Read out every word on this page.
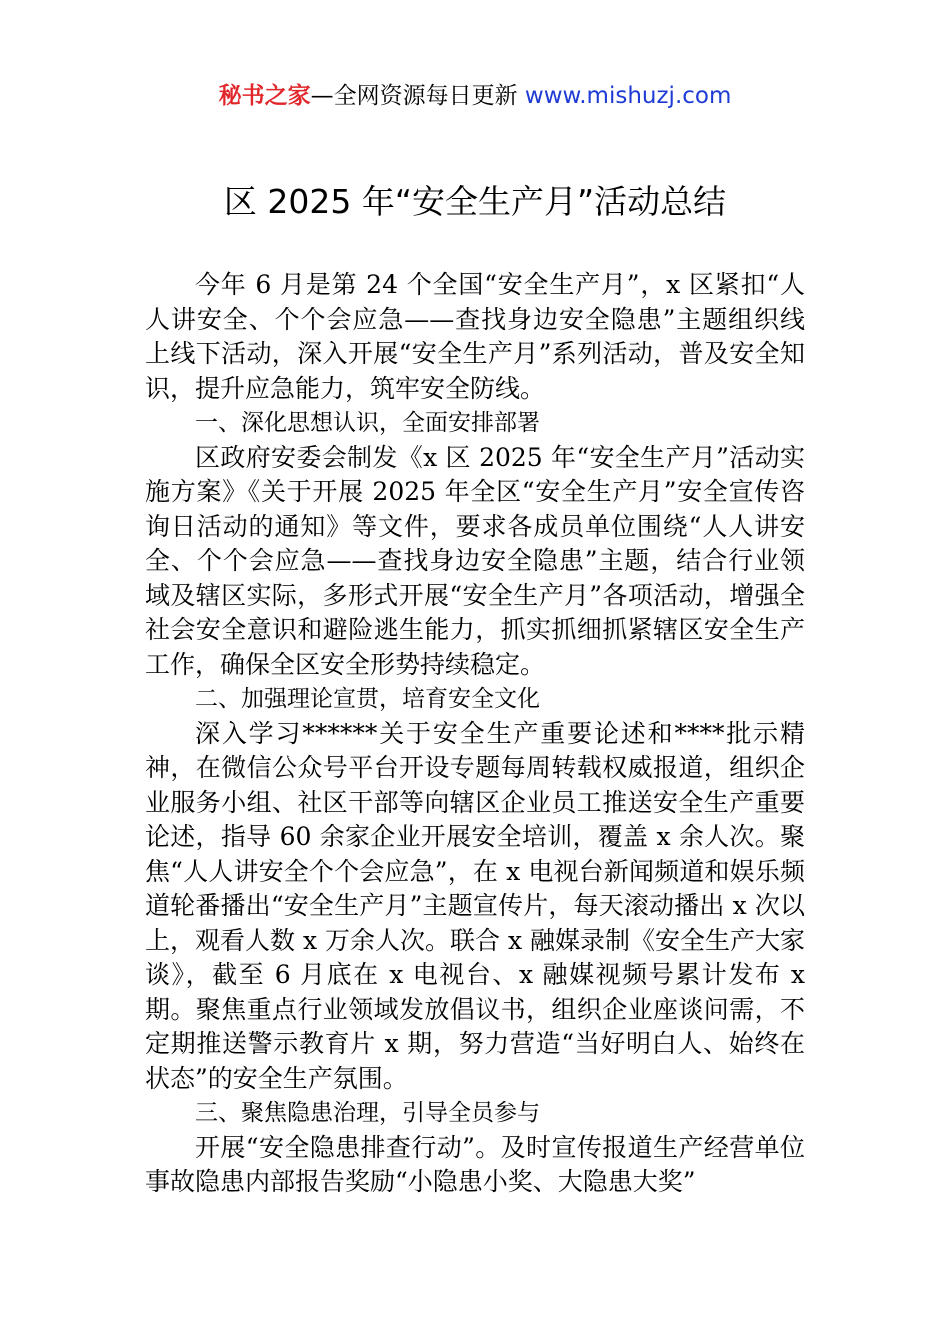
秘书之家—全网资源每日更新 www.mishuzj.com
区 2025 年“安全生产月”活动总结

今年 6 月是第 24 个全国“安全生产月”，x 区紧扣“人人讲安全、个个会应急——查找身边安全隐患”主题组织线上线下活动，深入开展“安全生产月”系列活动，普及安全知识，提升应急能力，筑牢安全防线。

一、深化思想认识，全面安排部署

区政府安委会制发《x 区 2025 年“安全生产月”活动实施方案》《关于开展 2025 年全区“安全生产月”安全宣传咨询日活动的通知》等文件，要求各成员单位围绕“人人讲安全、个个会应急——查找身边安全隐患”主题，结合行业领域及辖区实际，多形式开展“安全生产月”各项活动，增强全社会安全意识和避险逃生能力，抓实抓细抓紧辖区安全生产工作，确保全区安全形势持续稳定。

二、加强理论宣贯，培育安全文化

深入学习******关于安全生产重要论述和****批示精神，在微信公众号平台开设专题每周转载权威报道，组织企业服务小组、社区干部等向辖区企业员工推送安全生产重要论述，指导 60 余家企业开展安全培训，覆盖 x 余人次。聚焦“人人讲安全个个会应急”，在 x 电视台新闻频道和娱乐频道轮番播出“安全生产月”主题宣传片，每天滚动播出 x 次以上，观看人数 x 万余人次。联合 x 融媒录制《安全生产大家谈》，截至 6 月底在 x 电视台、x 融媒视频号累计发布 x 期。聚焦重点行业领域发放倡议书，组织企业座谈问需，不定期推送警示教育片 x 期，努力营造“当好明白人、始终在状态”的安全生产氛围。

三、聚焦隐患治理，引导全员参与

开展“安全隐患排查行动”。及时宣传报道生产经营单位事故隐患内部报告奖励“小隐患小奖、大隐患大奖”
